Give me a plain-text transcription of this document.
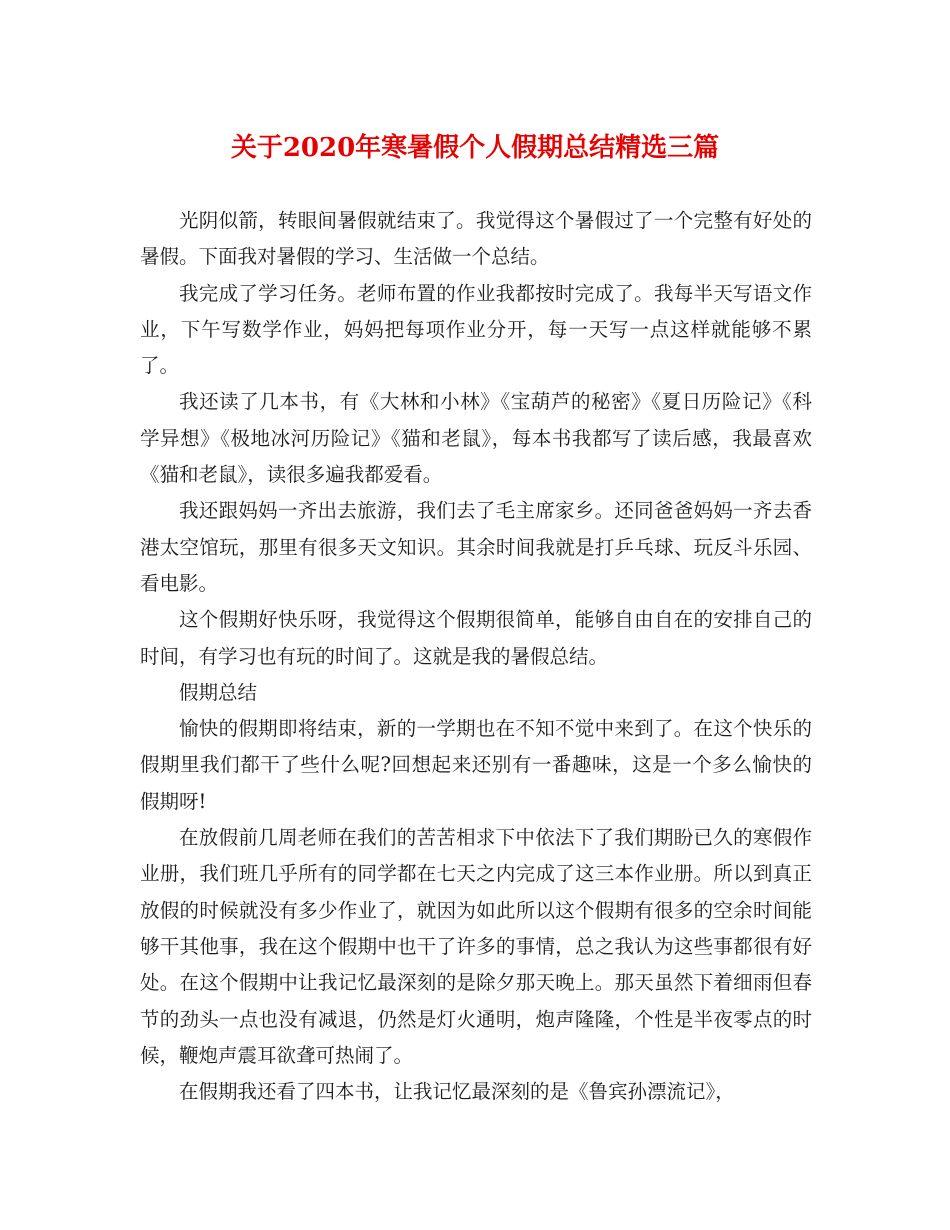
关于2020年寒暑假个人假期总结精选三篇

光阴似箭，转眼间暑假就结束了。我觉得这个暑假过了一个完整有好处的暑假。下面我对暑假的学习、生活做一个总结。

我完成了学习任务。老师布置的作业我都按时完成了。我每半天写语文作业，下午写数学作业，妈妈把每项作业分开，每一天写一点这样就能够不累了。

我还读了几本书，有《大林和小林》《宝葫芦的秘密》《夏日历险记》《科学异想》《极地冰河历险记》《猫和老鼠》，每本书我都写了读后感，我最喜欢《猫和老鼠》，读很多遍我都爱看。

我还跟妈妈一齐出去旅游，我们去了毛主席家乡。还同爸爸妈妈一齐去香港太空馆玩，那里有很多天文知识。其余时间我就是打乒乓球、玩反斗乐园、看电影。

这个假期好快乐呀，我觉得这个假期很简单，能够自由自在的安排自己的时间，有学习也有玩的时间了。这就是我的暑假总结。

假期总结

愉快的假期即将结束，新的一学期也在不知不觉中来到了。在这个快乐的假期里我们都干了些什么呢?回想起来还别有一番趣味，这是一个多么愉快的假期呀!

在放假前几周老师在我们的苦苦相求下中依法下了我们期盼已久的寒假作业册，我们班几乎所有的同学都在七天之内完成了这三本作业册。所以到真正放假的时候就没有多少作业了，就因为如此所以这个假期有很多的空余时间能够干其他事，我在这个假期中也干了许多的事情，总之我认为这些事都很有好处。在这个假期中让我记忆最深刻的是除夕那天晚上。那天虽然下着细雨但春节的劲头一点也没有减退，仍然是灯火通明，炮声隆隆，个性是半夜零点的时候，鞭炮声震耳欲聋可热闹了。

在假期我还看了四本书，让我记忆最深刻的是《鲁宾孙漂流记》，
